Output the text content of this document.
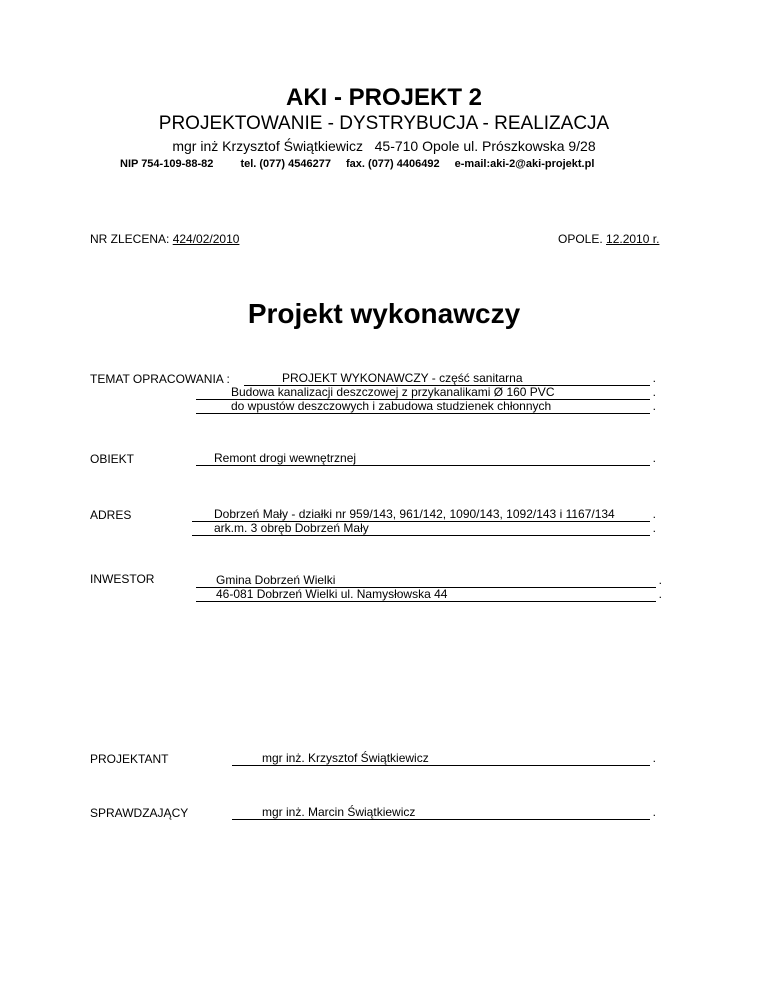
AKI - PROJEKT 2
PROJEKTOWANIE - DYSTRYBUCJA - REALIZACJA
mgr inż Krzysztof Świątkiewicz   45-710 Opole ul. Prószkowska 9/28
NIP 754-109-88-82 tel. (077) 4546277 fax. (077) 4406492 e-mail:aki-2@aki-projekt.pl
NR ZLECENA: 424/02/2010	OPOLE. 12.2010 r.
Projekt wykonawczy
TEMAT OPRACOWANIA :	PROJEKT WYKONAWCZY - część sanitarna	.
Budowa kanalizacji deszczowej z przykanalikami Ø 160 PVC	.
do wpustów deszczowych i zabudowa studzienek chłonnych	.
OBIEKT	Remont drogi wewnętrznej	.
ADRES	Dobrzeń Mały - działki nr 959/143, 961/142, 1090/143, 1092/143 i 1167/134	.
ark.m. 3 obręb Dobrzeń Mały	.
INWESTOR	Gmina Dobrzeń Wielki	.
46-081 Dobrzeń Wielki ul. Namysłowska 44	.
PROJEKTANT	mgr inż. Krzysztof Świątkiewicz	.
SPRAWDZAJĄCY	mgr inż. Marcin Świątkiewicz	.
